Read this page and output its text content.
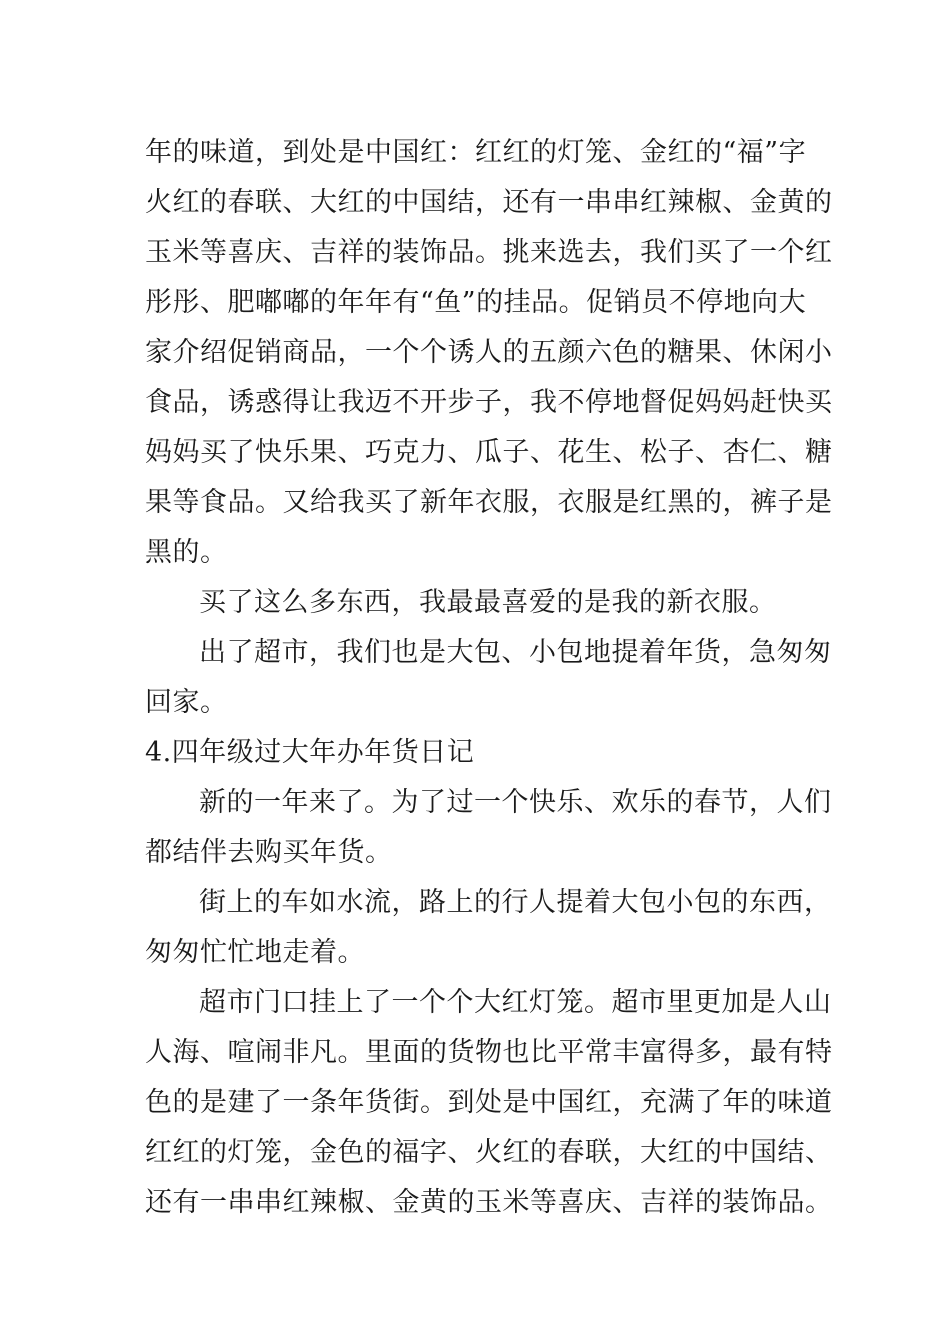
年的味道，到处是中国红：红红的灯笼、金红的“福”字
火红的春联、大红的中国结，还有一串串红辣椒、金黄的
玉米等喜庆、吉祥的装饰品。挑来选去，我们买了一个红
彤彤、肥嘟嘟的年年有“鱼”的挂品。促销员不停地向大
家介绍促销商品，一个个诱人的五颜六色的糖果、休闲小
食品，诱惑得让我迈不开步子，我不停地督促妈妈赶快买
妈妈买了快乐果、巧克力、瓜子、花生、松子、杏仁、糖
果等食品。又给我买了新年衣服，衣服是红黑的，裤子是
黑的。
买了这么多东西，我最最喜爱的是我的新衣服。
出了超市，我们也是大包、小包地提着年货，急匆匆
回家。
4.四年级过大年办年货日记
新的一年来了。为了过一个快乐、欢乐的春节，人们
都结伴去购买年货。
街上的车如水流，路上的行人提着大包小包的东西，
匆匆忙忙地走着。
超市门口挂上了一个个大红灯笼。超市里更加是人山
人海、喧闹非凡。里面的货物也比平常丰富得多，最有特
色的是建了一条年货街。到处是中国红，充满了年的味道
红红的灯笼，金色的福字、火红的春联，大红的中国结、
还有一串串红辣椒、金黄的玉米等喜庆、吉祥的装饰品。
